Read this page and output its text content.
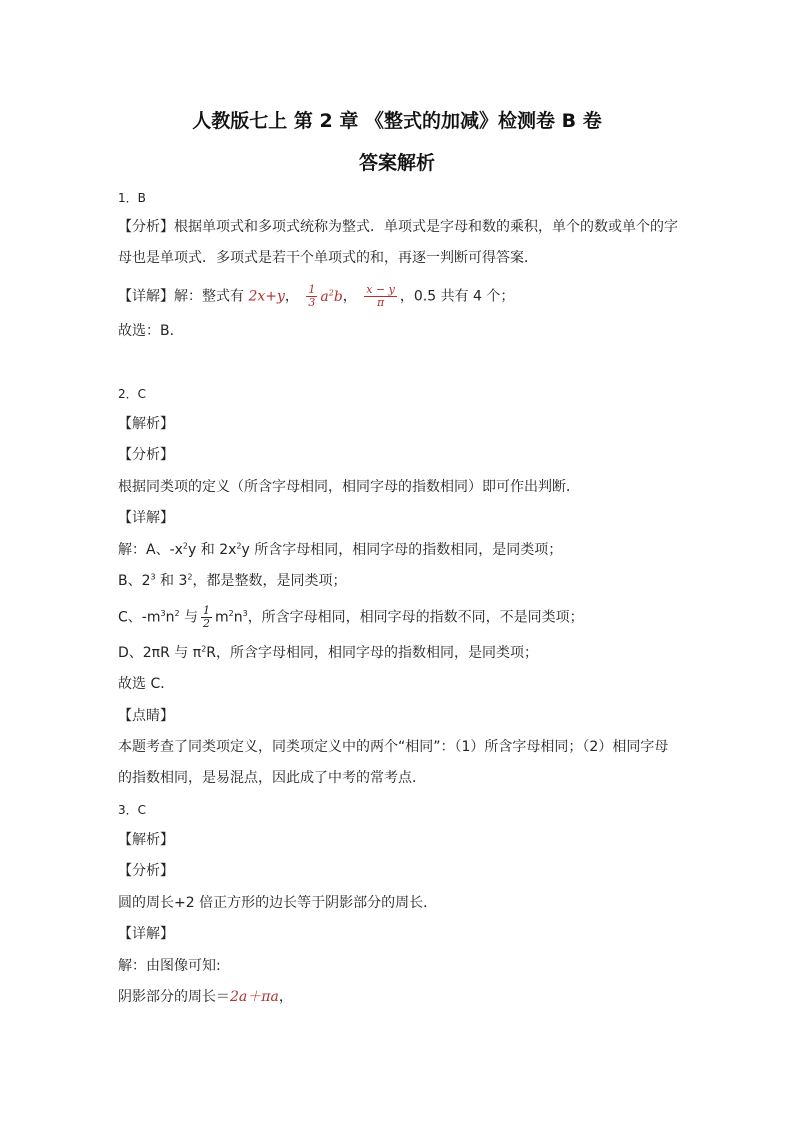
人教版七上 第 2 章 《整式的加减》检测卷 B 卷
答案解析
1．B
【分析】根据单项式和多项式统称为整式．单项式是字母和数的乘积，单个的数或单个的字
母也是单项式．多项式是若干个单项式的和，再逐一判断可得答案．
【详解】解：整式有 2x+y， $\frac{1}{3} a^2b$， $\frac{x - y}{\pi}$ ，0.5 共有 4 个；
故选：B．
2．C
【解析】
【分析】
根据同类项的定义（所含字母相同，相同字母的指数相同）即可作出判断．
【详解】
解：A、$-x^2y$ 和 $2x^2y$ 所含字母相同，相同字母的指数相同，是同类项；
B、$2^3$ 和 $3^2$，都是整数，是同类项；
C、$-m^3n^2$ 与 $\frac{1}{2} m^2n^3$，所含字母相同，相同字母的指数不同，不是同类项；
D、2πR 与 $\pi^2R$，所含字母相同，相同字母的指数相同，是同类项；
故选 C．
【点睛】
本题考查了同类项定义，同类项定义中的两个“相同”：（1）所含字母相同；（2）相同字母
的指数相同，是易混点，因此成了中考的常考点．
3．C
【解析】
【分析】
圆的周长+2 倍正方形的边长等于阴影部分的周长．
【详解】
解：由图像可知:
阴影部分的周长＝2a＋πa，
